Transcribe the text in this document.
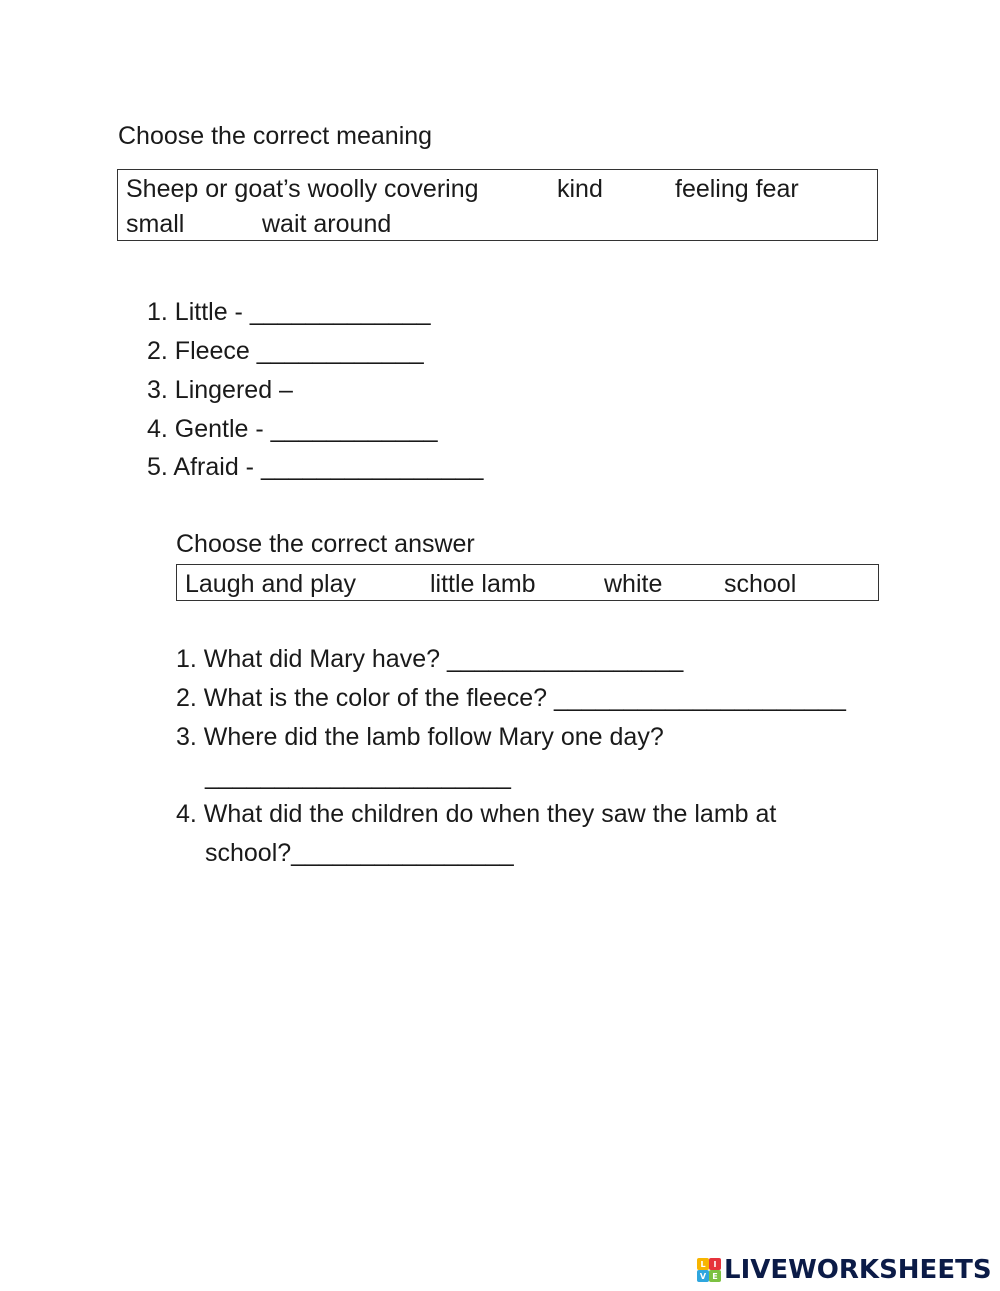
Choose the correct meaning
Sheep or goat’s woolly covering	kind	feeling fear
small	wait around
1. Little - _____________
2. Fleece ____________
3. Lingered –
4. Gentle - ____________
5. Afraid - ________________
Choose the correct answer
Laugh and play	little lamb	white school
1. What did Mary have? _________________
2. What is the color of the fleece? _____________________
3. Where did the lamb follow Mary one day?
______________________
4. What did the children do when they saw the lamb at
school?________________
L I
V E LIVEWORKSHEETS
